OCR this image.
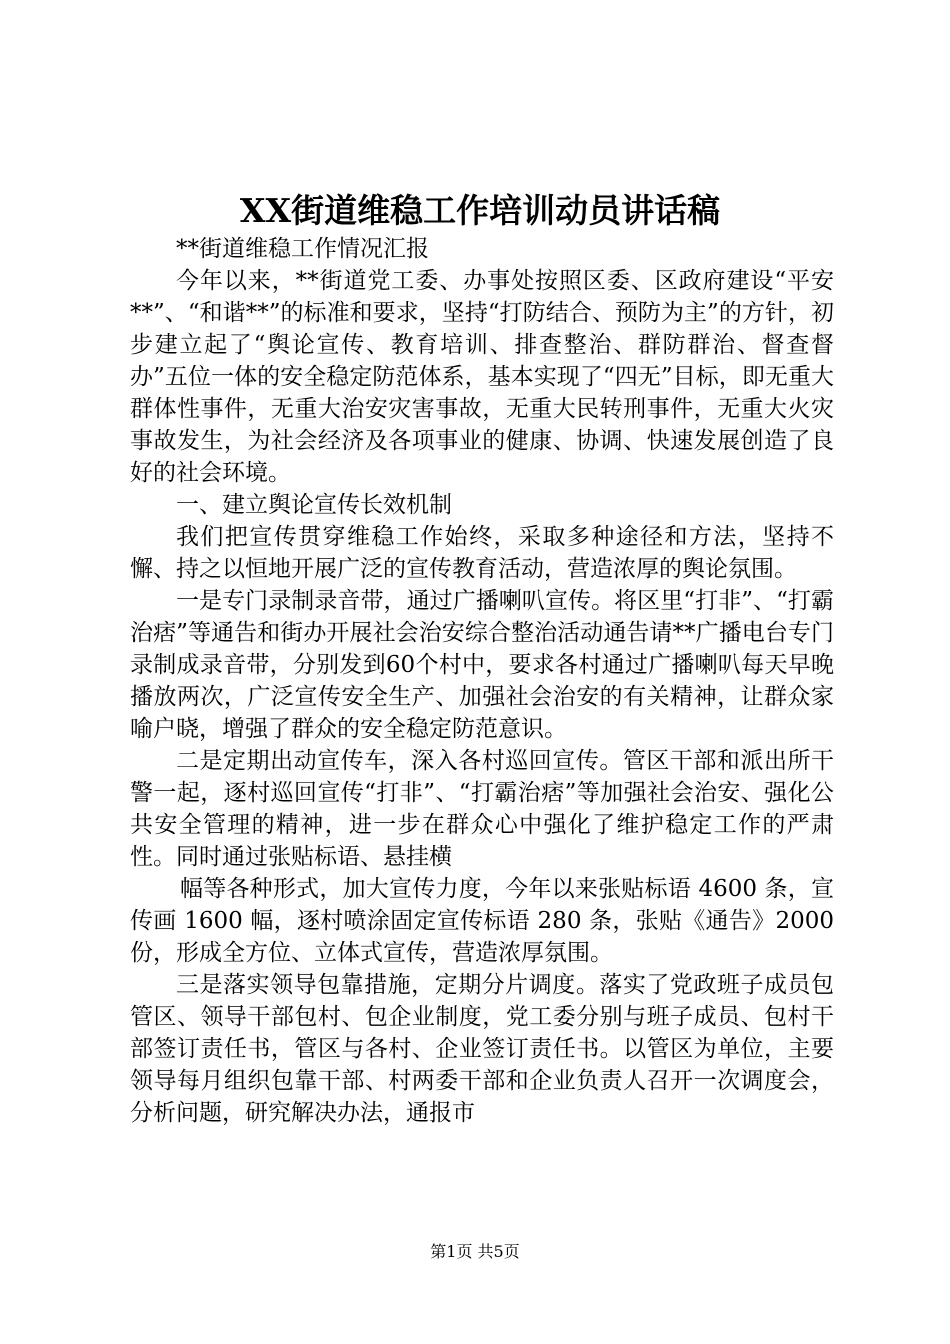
XX街道维稳工作培训动员讲话稿

**街道维稳工作情况汇报

今年以来，**街道党工委、办事处按照区委、区政府建设“平安**”、“和谐**”的标准和要求，坚持“打防结合、预防为主”的方针，初步建立起了“舆论宣传、教育培训、排查整治、群防群治、督查督办”五位一体的安全稳定防范体系，基本实现了“四无”目标，即无重大群体性事件，无重大治安灾害事故，无重大民转刑事件，无重大火灾事故发生，为社会经济及各项事业的健康、协调、快速发展创造了良好的社会环境。

一、建立舆论宣传长效机制

我们把宣传贯穿维稳工作始终，采取多种途径和方法，坚持不懈、持之以恒地开展广泛的宣传教育活动，营造浓厚的舆论氛围。

一是专门录制录音带，通过广播喇叭宣传。将区里“打非”、“打霸治痞”等通告和街办开展社会治安综合整治活动通告请**广播电台专门录制成录音带，分别发到60个村中，要求各村通过广播喇叭每天早晚播放两次，广泛宣传安全生产、加强社会治安的有关精神，让群众家喻户晓，增强了群众的安全稳定防范意识。

二是定期出动宣传车，深入各村巡回宣传。管区干部和派出所干警一起，逐村巡回宣传“打非”、“打霸治痞”等加强社会治安、强化公共安全管理的精神，进一步在群众心中强化了维护稳定工作的严肃性。同时通过张贴标语、悬挂横

幅等各种形式，加大宣传力度，今年以来张贴标语 4600 条，宣传画 1600 幅，逐村喷涂固定宣传标语 280 条，张贴《通告》2000 份，形成全方位、立体式宣传，营造浓厚氛围。

三是落实领导包靠措施，定期分片调度。落实了党政班子成员包管区、领导干部包村、包企业制度，党工委分别与班子成员、包村干部签订责任书，管区与各村、企业签订责任书。以管区为单位，主要领导每月组织包靠干部、村两委干部和企业负责人召开一次调度会，分析问题，研究解决办法，通报市

第1页 共5页
